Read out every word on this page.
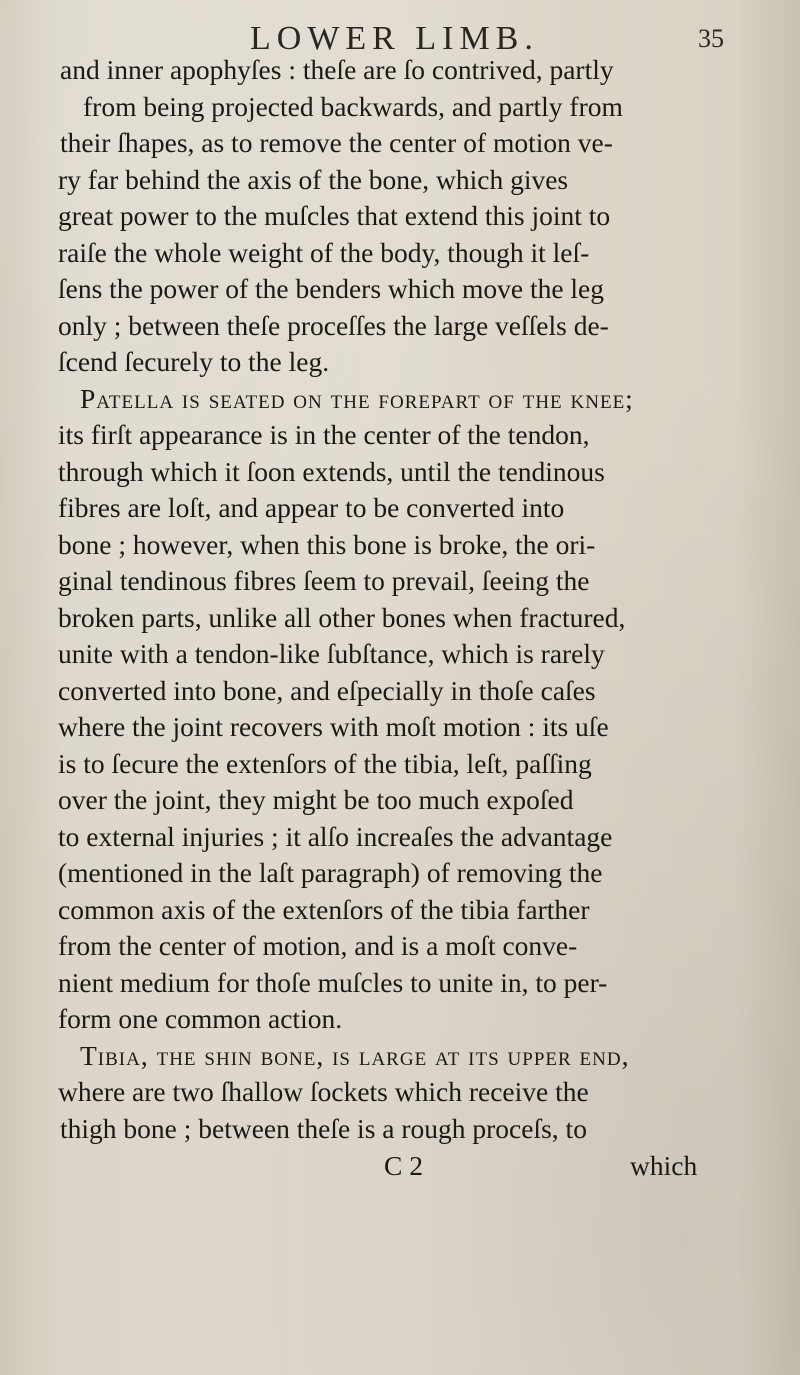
LOWER LIMB.	35
and inner apophyſes : theſe are ſo contrived, partly
from being projected backwards, and partly from
their ſhapes, as to remove the center of motion ve-
ry far behind the axis of the bone, which gives
great power to the muſcles that extend this joint to
raiſe the whole weight of the body, though it leſ-
ſens the power of the benders which move the leg
only ; between theſe proceſſes the large veſſels de-
ſcend ſecurely to the leg.
Patella is ſeated on the forepart of the knee;
its firſt appearance is in the center of the tendon,
through which it ſoon extends, until the tendinous
fibres are loſt, and appear to be converted into
bone ; however, when this bone is broke, the ori-
ginal tendinous fibres ſeem to prevail, ſeeing the
broken parts, unlike all other bones when fractured,
unite with a tendon-like ſubſtance, which is rarely
converted into bone, and eſpecially in thoſe caſes
where the joint recovers with moſt motion : its uſe
is to ſecure the extenſors of the tibia, leſt, paſſing
over the joint, they might be too much expoſed
to external injuries ; it alſo increaſes the advantage
(mentioned in the laſt paragraph) of removing the
common axis of the extenſors of the tibia farther
from the center of motion, and is a moſt conve-
nient medium for thoſe muſcles to unite in, to per-
form one common action.
Tibia, the ſhin bone, is large at its upper end,
where are two ſhallow ſockets which receive the
thigh bone ; between theſe is a rough proceſs, to
C 2	which
